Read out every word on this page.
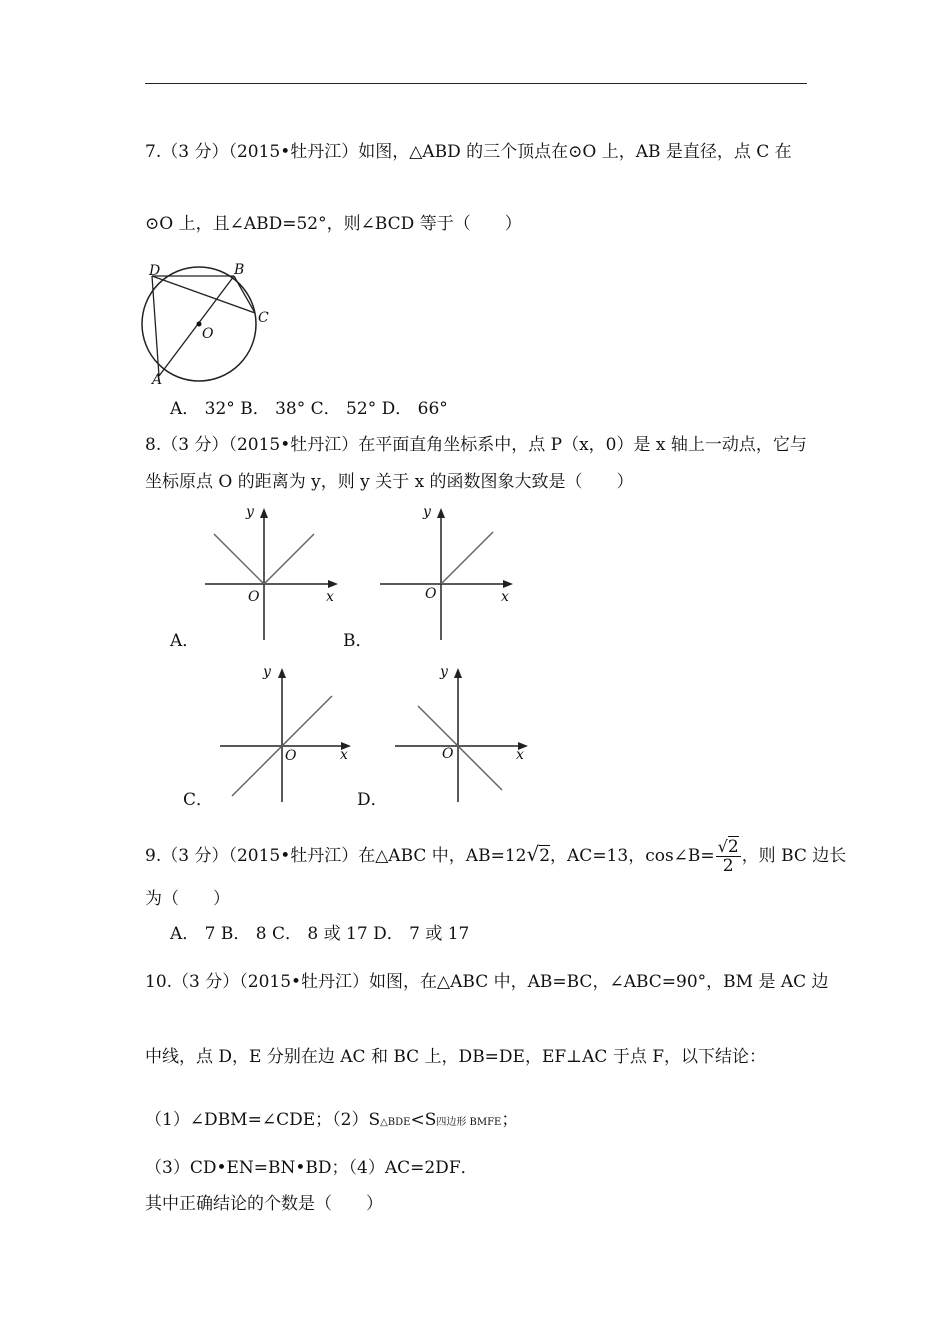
7.（3 分）（2015•牡丹江）如图，△ABD 的三个顶点在⊙O 上，AB 是直径，点 C 在
⊙O 上，且∠ABD=52°，则∠BCD 等于（　　）
D	B
C
O
A
A． 32° B． 38° C． 52° D． 66°
8.（3 分）（2015•牡丹江）在平面直角坐标系中，点 P（x，0）是 x 轴上一动点，它与
坐标原点 O 的距离为 y，则 y 关于 x 的函数图象大致是（　　）
y
x
O
A．
y
x
O
B．
y
x
O
C．
y
x
O
D．
9.（3 分）（2015•牡丹江）在△ABC 中，AB=12√2，AC=13，cos∠B= $\frac{√2}{2}$ ，则 BC 边长
为（　　）
A． 7 B． 8 C． 8 或 17 D． 7 或 17
10.（3 分）（2015•牡丹江）如图，在△ABC 中，AB=BC，∠ABC=90°，BM 是 AC 边
中线，点 D，E 分别在边 AC 和 BC 上，DB=DE，EF⊥AC 于点 F，以下结论：
（1）∠DBM=∠CDE；（2）S△BDE<S四边形 BMFE；
（3）CD•EN=BN•BD；（4）AC=2DF．
其中正确结论的个数是（　　）
